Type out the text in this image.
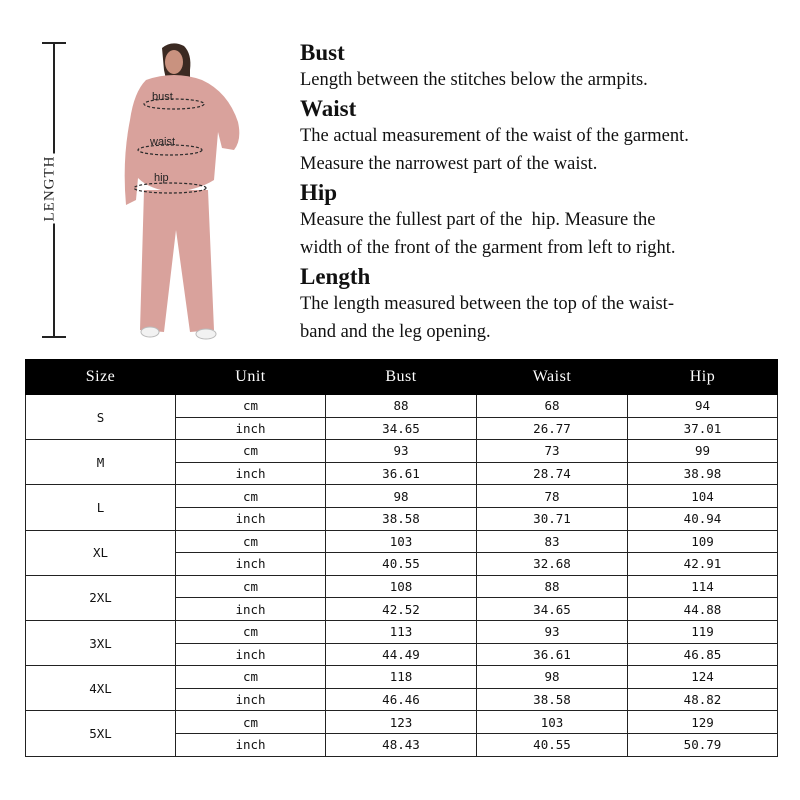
LENGTH
bust
waist
hip

Bust

Length between the stitches below the armpits.

Waist

The actual measurement of the waist of the garment.

Measure the narrowest part of the waist.

Hip

Measure the fullest part of the  hip. Measure the

width of the front of the garment from left to right.

Length

The length measured between the top of the waist-

band and the leg opening.

Size	Unit	Bust	Waist	Hip
S	cm	88	68	94
	inch	34.65	26.77	37.01
M	cm	93	73	99
	inch	36.61	28.74	38.98
L	cm	98	78	104
	inch	38.58	30.71	40.94
XL	cm	103	83	109
	inch	40.55	32.68	42.91
2XL	cm	108	88	114
	inch	42.52	34.65	44.88
3XL	cm	113	93	119
	inch	44.49	36.61	46.85
4XL	cm	118	98	124
	inch	46.46	38.58	48.82
5XL	cm	123	103	129
	inch	48.43	40.55	50.79
